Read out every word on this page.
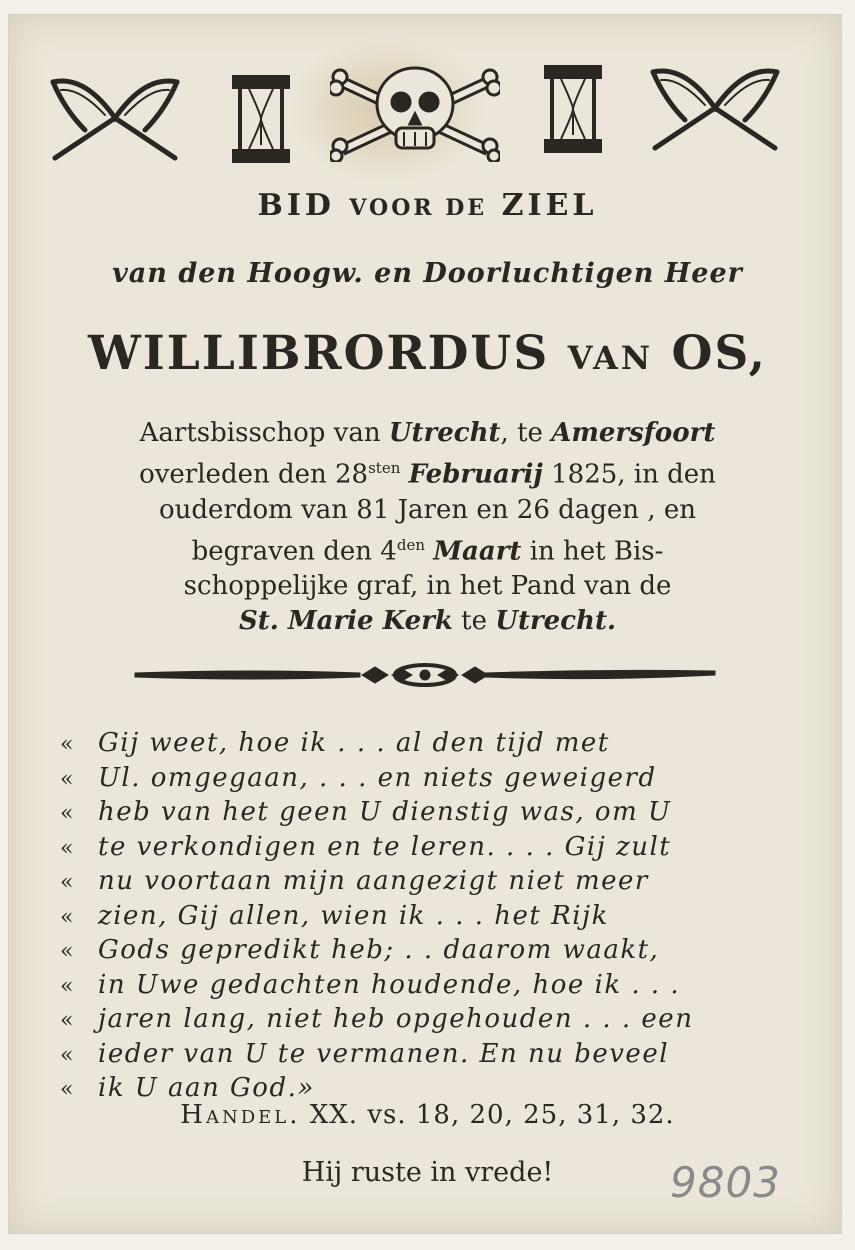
BID VOOR DE ZIEL
van den Hoogw. en Doorluchtigen Heer
WILLIBRORDUS VAN OS,
Aartsbisschop van Utrecht, te Amersfoort
overleden den $28^{sten}$ Februarij 1825, in den
ouderdom van 81 Jaren en 26 dagen , en
begraven den $4^{den}$ Maart in het Bis-
schoppelijke graf, in het Pand van de
St. Marie Kerk te Utrecht.
« Gij weet, hoe ik . . . al den tijd met
« Ul. omgegaan, . . . en niets geweigerd
« heb van het geen U dienstig was, om U
« te verkondigen en te leren. . . . Gij zult
« nu voortaan mijn aangezigt niet meer
« zien, Gij allen, wien ik . . . het Rijk
« Gods gepredikt heb; . . daarom waakt,
« in Uwe gedachten houdende, hoe ik . . .
« jaren lang, niet heb opgehouden . . . een
« ieder van U te vermanen. En nu beveel
« ik U aan God.»
Handel. XX. vs. 18, 20, 25, 31, 32.
Hij ruste in vrede!	9803
